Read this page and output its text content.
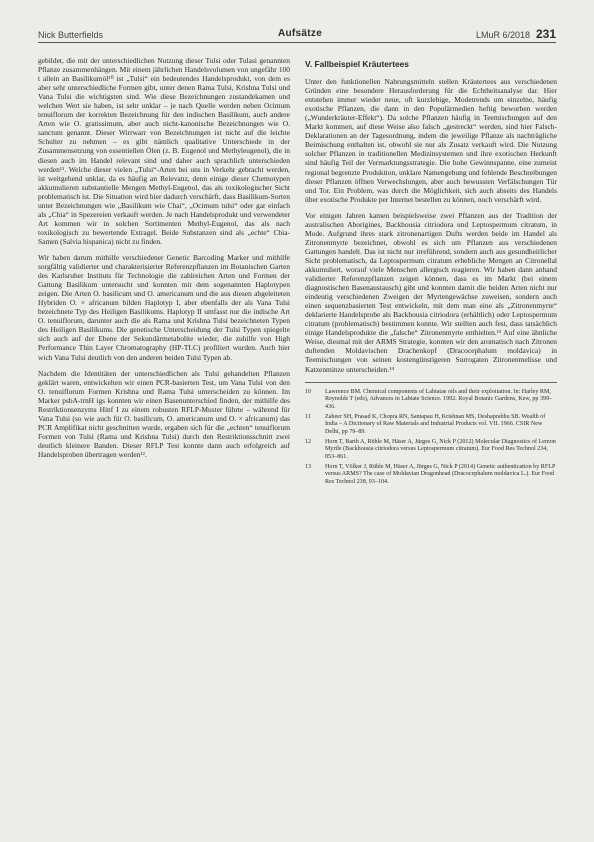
Nick Butterfields	Aufsätze	LMuR 6/2018 231

gebildet, die mit der unterschiedlichen Nutzung dieser Tulsi oder Tulasi genannten Pflanze zusammenhängen. Mit einem jährlichen Handelsvolumen von ungefähr 100 t allein an Basilikumöl¹⁰ ist „Tulsi“ ein bedeutendes Handelsprodukt, von dem es aber sehr unterschiedliche Formen gibt, unter denen Rama Tulsi, Krishna Tulsi und Vana Tulsi die wichtigsten sind. Wie diese Bezeichnungen zustandekamen und welchen Wert sie haben, ist sehr unklar – je nach Quelle werden neben Ocimum tenuiflorum der korrekten Bezeichnung für den indischen Basilikum, auch andere Arten wie O. gratissimum, aber auch nicht-kanonische Bezeichnungen wie O. sanctum genannt. Dieser Wirrwarr von Bezeichnungen ist nicht auf die leichte Schulter zu nehmen – es gibt nämlich qualitative Unterschiede in der Zusammensetzung von essentiellen Ölen (z. B. Eugenol und Methyleugenol), die in diesen auch im Handel relevant sind und daher auch sprachlich unterschieden werden¹¹. Welche dieser vielen „Tulsi“-Arten bei uns in Verkehr gebracht werden, ist weitgehend unklar, da es häufig an Relevanz, denn einige dieser Chemotypen akkumulieren substantielle Mengen Methyl-Eugenol, das als toxikologischer Sicht problematisch ist. Die Situation wird hier dadurch verschärft, dass Basilikum-Sorten unter Bezeichnungen wie „Basilikum wie Chai“, „Ocimum tulsi“ oder gar einfach als „Chia“ in Spezereien verkauft werden. Je nach Handelsprodukt und verwendeter Art kommen wir in solchen Sortimenten Methyl-Eugenol, das als nach toxikologisch zu bewertende Extragel. Beide Substanzen sind als „echte“ Chia-Samen (Salvia hispanica) nicht zu finden.

Wir haben darum mithilfe verschiedener Genetic Barcoding Marker und mithilfe sorgfältig validierter und charakterisierter Referenzpflanzen im Botanischen Garten des Karlsruher Instituts für Technologie die zahlreichen Arten und Formen der Gattung Basilikum untersucht und konnten mit dem sogenannten Haplotypen zeigen. Die Arten O. basilicum und O. americanum und die aus diesen abgeleiteten Hybriden O. × africanum bilden Haplotyp I, aber ebenfalls der als Vana Tulsi bezeichnete Typ des Heiligen Basilikums. Haplotyp II umfasst nur die indische Art O. tenuiflorum, darunter auch die als Rama und Krishna Tulsi bezeichneten Typen des Heiligen Basilikums. Die genetische Unterscheidung der Tulsi Typen spiegelte sich auch auf der Ebene der Sekundärmetabolite wieder, die zuhilfe von High Performance Thin Layer Chromatography (HP-TLC) profiliert wurden. Auch hier wich Vana Tulsi deutlich von den anderen beiden Tulsi Typen ab.

Nachdem die Identitäten der unterschiedlichen als Tulsi gehandelten Pflanzen geklärt waren, entwickelten wir einen PCR-basierten Test, um Vana Tulsi von den O. tenuiflorum Formen Krishna und Rama Tulsi unterscheiden zu können. Im Marker psbA-trnH igs konnten wir einen Basenunterschied finden, der mithilfe des Restriktionsenzyms Hinf I zu einem robusten RFLP-Muster führte – während für Vana Tulsi (so wie auch für O. basilicum, O. americanum und O. × africanum) das PCR Amplifikat nicht geschnitten wurde, ergaben sich für die „echten“ tenuiflorum Formen von Tulsi (Rama und Krishna Tulsi) durch den Restriktionsschnitt zwei deutlich kleinere Banden. Dieser RFLP Test konnte dann auch erfolgreich auf Handelsproben übertragen werden¹².

V. Fallbeispiel Kräutertees

Unter den funktionellen Nahrungsmitteln stellen Kräutertees aus verschiedenen Gründen eine besondere Herausforderung für die Echtheitsanalyse dar. Hier entstehen immer wieder neue, oft kurzlebige, Modetrends um einzelne, häufig exotische Pflanzen, die dann in den Populärmedien heftig beworben werden („Wunderkräuter-Effekt“). Da solche Pflanzen häufig in Teemischungen auf den Markt kommen, auf diese Weise also falsch „gestreckt“ werden, sind hier Falsch-Deklarationen an der Tagesordnung, indem die jeweilige Pflanze als nachträgliche Beimischung enthalten ist, obwohl sie nur als Zusatz verkauft wird. Die Nutzung solcher Pflanzen in traditionellen Medizinsystemen und ihre exotischen Herkunft sind häufig Teil der Vermarktungsstrategie. Die hohe Gewinnspanne, eine zumeist regional begrenzte Produktion, unklare Namengebung und fehlende Beschreibungen dieser Pflanzen öffnen Verwechslungen, aber auch bewussten Verfälschungen Tür und Tor. Ein Problem, was durch die Möglichkeit, sich auch abseits des Handels über exotische Produkte per Internet bestellen zu können, noch verschärft wird.

Vor einigen Jahren kamen beispielsweise zwei Pflanzen aus der Tradition der australischen Aborigines, Backhousia citriodora und Leptospermum citratum, in Mode. Aufgrund ihres stark zitronenartigen Dufts werden beide im Handel als Zitronenmyrte bezeichnet, obwohl es sich um Pflanzen aus verschiedenen Gattungen handelt. Das ist nicht nur irreführend, sondern auch aus gesundheitlicher Sicht problematisch, da Leptospermum citratum erhebliche Mengen an Citronellal akkumuliert, worauf viele Menschen allergisch reagieren. Wir haben dann anhand validierter Referenzpflanzen zeigen können, dass es im Markt (bei einem diagnostischen Basenaustausch) gibt und konnten damit die beiden Arten nicht nur eindeutig verschiedenen Zweigen der Myrtengewächse zuweisen, sondern auch einen sequenzbasierten Test entwickeln, mit dem man eine als „Zitronenmyrte“ deklarierte Handelsprobe als Backhousia citriodora (erhältlich) oder Leptospermum citratum (problematisch) bestimmen konnte. Wir stellten auch fest, dass tatsächlich einige Handelsprodukte die „falsche“ Zitronenmyrte enthielten.¹³ Auf eine ähnliche Weise, diesmal mit der ARMS Strategie, konnten wir den aromatisch nach Zitronen duftenden Moldavischen Drachenkopf (Dracocephalum moldavica) in Teemischungen von seinen kostengünstigeren Surrogaten Zitronenmelisse und Katzenminze unterscheiden.¹⁴

10	Lawrence BM. Chemical components of Labiatae oils and their exploitation. In: Harley RM, Reynolds T (eds), Advances in Labiate Science. 1992. Royal Botanic Gardens, Kew, pp 399–436.
11	Zaheer SH, Prasad K, Chopra RN, Santapau H, Krishnan MS, Deshaprabhu SB. Wealth of India – A Dictionary of Raw Materials and Industrial Products vol. VII. 1966. CSIR New Delhi, pp 79–89.
12	Horn T, Barth A, Rühle M, Häser A, Jürges G, Nick P (2012) Molecular Diagnostics of Lemon Myrtle (Backhousia citriodora versus Leptospermum citratum). Eur Food Res Technol 234, 853–861.
13	Horn T, Völker J, Rühle M, Häser A, Jürges G, Nick P (2014) Genetic authentication by RFLP versus ARMS? The case of Moldavian Dragonhead (Dracocephalum moldavica L.). Eur Food Res Technol 238, 93–104.
